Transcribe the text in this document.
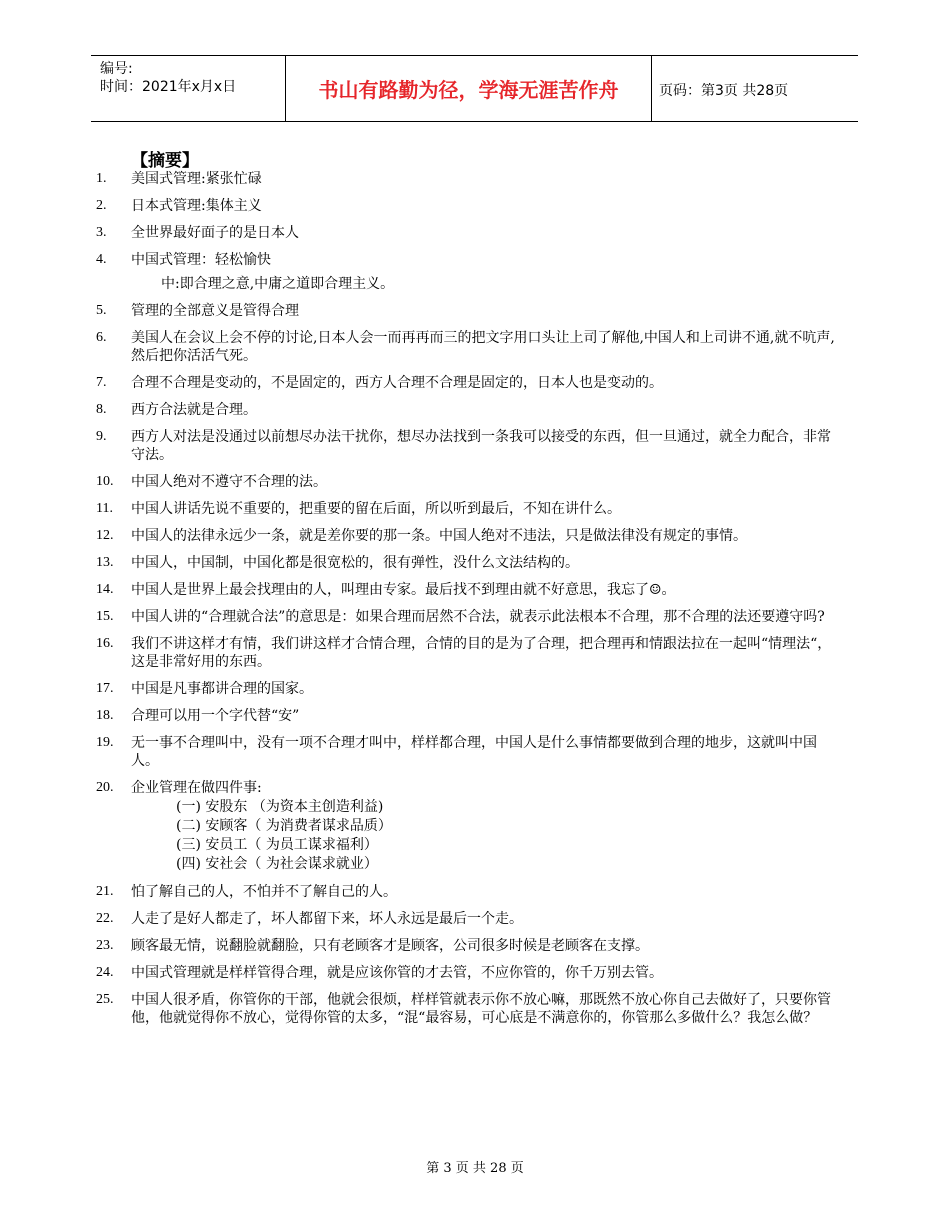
编号:
时间：2021年x月x日	书山有路勤为径，学海无涯苦作舟	页码：第3页 共28页
【摘要】
1. 美国式管理:紧张忙碌
2. 日本式管理:集体主义
3. 全世界最好面子的是日本人
4. 中国式管理：轻松愉快
中:即合理之意,中庸之道即合理主义。
5. 管理的全部意义是管得合理
6. 美国人在会议上会不停的讨论,日本人会一而再再而三的把文字用口头让上司了解他,中国人和上司讲不通,就不吭声,然后把你活活气死。
7. 合理不合理是变动的，不是固定的，西方人合理不合理是固定的，日本人也是变动的。
8. 西方合法就是合理。
9. 西方人对法是没通过以前想尽办法干扰你，想尽办法找到一条我可以接受的东西，但一旦通过，就全力配合，非常守法。
10. 中国人绝对不遵守不合理的法。
11. 中国人讲话先说不重要的，把重要的留在后面，所以听到最后，不知在讲什么。
12. 中国人的法律永远少一条，就是差你要的那一条。中国人绝对不违法，只是做法律没有规定的事情。
13. 中国人，中国制，中国化都是很宽松的，很有弹性，没什么文法结构的。
14. 中国人是世界上最会找理由的人，叫理由专家。最后找不到理由就不好意思，我忘了☺。
15. 中国人讲的“合理就合法”的意思是：如果合理而居然不合法，就表示此法根本不合理，那不合理的法还要遵守吗?
16. 我们不讲这样才有情，我们讲这样才合情合理，合情的目的是为了合理，把合理再和情跟法拉在一起叫“情理法“，这是非常好用的东西。
17. 中国是凡事都讲合理的国家。
18. 合理可以用一个字代替“安”
19. 无一事不合理叫中，没有一项不合理才叫中，样样都合理，中国人是什么事情都要做到合理的地步，这就叫中国人。
20. 企业管理在做四件事:
(一) 安股东 （为资本主创造利益)
(二) 安顾客（ 为消费者谋求品质）
(三) 安员工（ 为员工谋求福利）
(四) 安社会（ 为社会谋求就业）
21. 怕了解自己的人，不怕并不了解自己的人。
22. 人走了是好人都走了，坏人都留下来，坏人永远是最后一个走。
23. 顾客最无情，说翻脸就翻脸，只有老顾客才是顾客，公司很多时候是老顾客在支撑。
24. 中国式管理就是样样管得合理，就是应该你管的才去管，不应你管的，你千万别去管。
25. 中国人很矛盾，你管你的干部，他就会很烦，样样管就表示你不放心嘛，那既然不放心你自己去做好了，只要你管他，他就觉得你不放心，觉得你管的太多，“混“最容易，可心底是不满意你的，你管那么多做什么？我怎么做？
第 3 页 共 28 页
